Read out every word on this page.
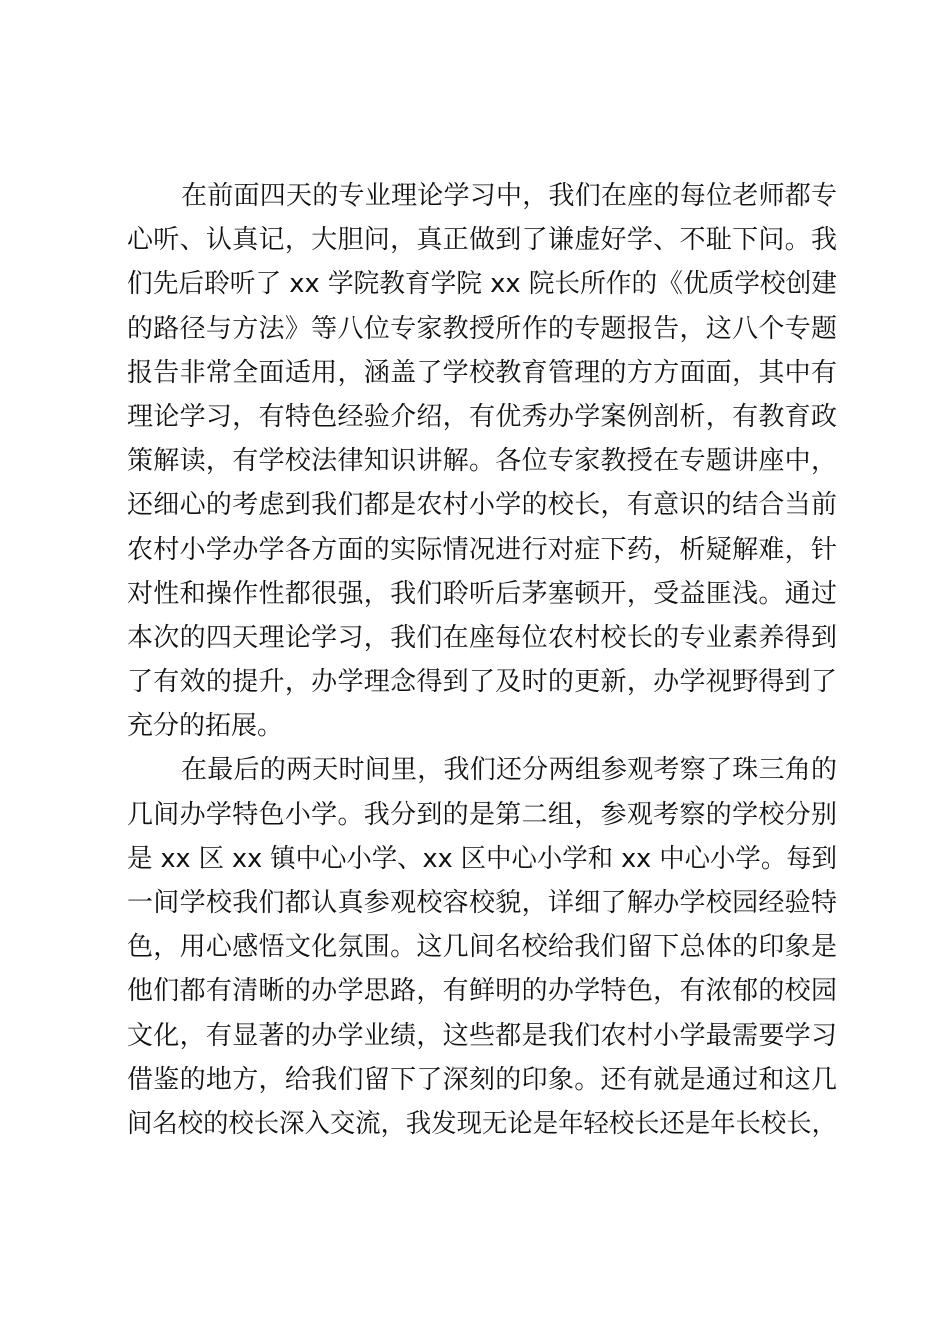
在前面四天的专业理论学习中，我们在座的每位老师都专
心听、认真记，大胆问，真正做到了谦虚好学、不耻下问。我
们先后聆听了 xx 学院教育学院 xx 院长所作的《优质学校创建
的路径与方法》等八位专家教授所作的专题报告，这八个专题
报告非常全面适用，涵盖了学校教育管理的方方面面，其中有
理论学习，有特色经验介绍，有优秀办学案例剖析，有教育政
策解读，有学校法律知识讲解。各位专家教授在专题讲座中，
还细心的考虑到我们都是农村小学的校长，有意识的结合当前
农村小学办学各方面的实际情况进行对症下药，析疑解难，针
对性和操作性都很强，我们聆听后茅塞顿开，受益匪浅。通过
本次的四天理论学习，我们在座每位农村校长的专业素养得到
了有效的提升，办学理念得到了及时的更新，办学视野得到了
充分的拓展。
在最后的两天时间里，我们还分两组参观考察了珠三角的
几间办学特色小学。我分到的是第二组，参观考察的学校分别
是 xx 区 xx 镇中心小学、xx 区中心小学和 xx 中心小学。每到
一间学校我们都认真参观校容校貌，详细了解办学校园经验特
色，用心感悟文化氛围。这几间名校给我们留下总体的印象是
他们都有清晰的办学思路，有鲜明的办学特色，有浓郁的校园
文化，有显著的办学业绩，这些都是我们农村小学最需要学习
借鉴的地方，给我们留下了深刻的印象。还有就是通过和这几
间名校的校长深入交流，我发现无论是年轻校长还是年长校长，
